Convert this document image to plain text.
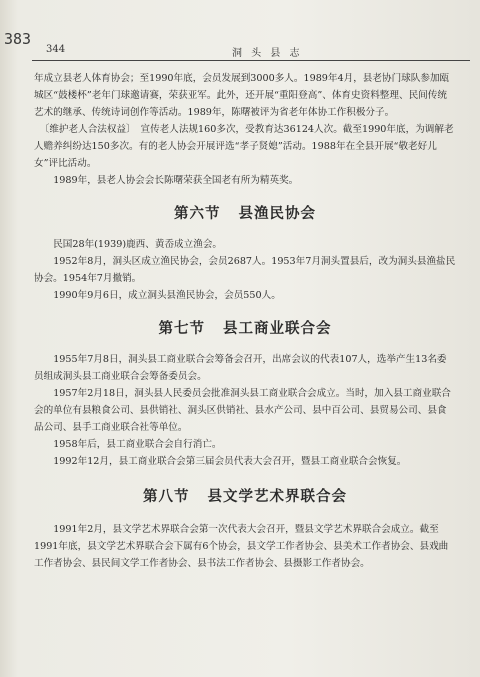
383
344	洞 头 县 志

年成立县老人体育协会；至1990年底，会员发展到3000多人。1989年4月，县老协门球队参加瓯城区“鼓楼杯”老年门球邀请赛，荣获亚军。此外，还开展“重阳登高”、体育史资料整理、民间传统艺术的继承、传统诗词创作等活动。1989年，陈曙被评为省老年体协工作积极分子。

〔维护老人合法权益〕　宣传老人法规160多次，受教育达36124人次。截至1990年底，为调解老人赡养纠纷达150多次。有的老人协会开展评选“孝子贤媳”活动。1988年在全县开展“敬老好儿女”评比活动。

1989年，县老人协会会长陈曙荣获全国老有所为精英奖。

第六节 县渔民协会

民国28年(1939)鹿西、黄岙成立渔会。

1952年8月，洞头区成立渔民协会，会员2687人。1953年7月洞头置县后，改为洞头县渔盐民协会。1954年7月撤销。

1990年9月6日，成立洞头县渔民协会，会员550人。

第七节 县工商业联合会

1955年7月8日，洞头县工商业联合会筹备会召开，出席会议的代表107人，选举产生13名委员组成洞头县工商业联合会筹备委员会。

1957年2月18日，洞头县人民委员会批准洞头县工商业联合会成立。当时，加入县工商业联合会的单位有县粮食公司、县供销社、洞头区供销社、县水产公司、县中百公司、县贸易公司、县食品公司、县手工商业联合社等单位。

1958年后，县工商业联合会自行消亡。

1992年12月，县工商业联合会第三届会员代表大会召开，暨县工商业联合会恢复。

第八节 县文学艺术界联合会

1991年2月，县文学艺术界联合会第一次代表大会召开，暨县文学艺术界联合会成立。截至1991年底，县文学艺术界联合会下属有6个协会，县文学工作者协会、县美术工作者协会、县戏曲工作者协会、县民间文学工作者协会、县书法工作者协会、县摄影工作者协会。
